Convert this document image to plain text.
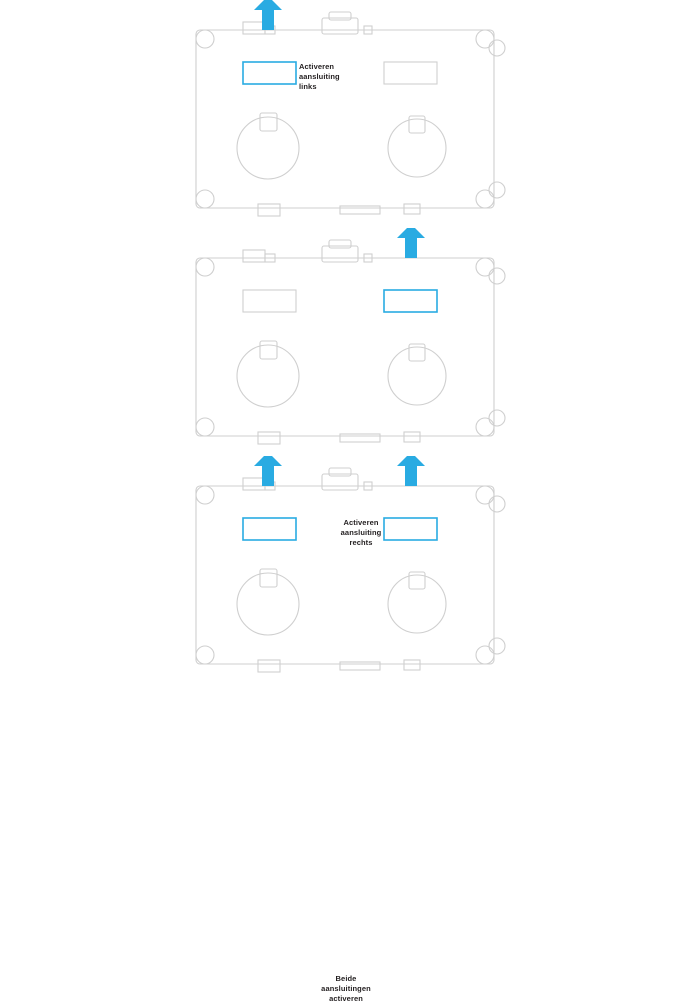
Activeren
aansluiting
links
Activeren
aansluiting
rechts
Beide
aansluitingen
activeren
